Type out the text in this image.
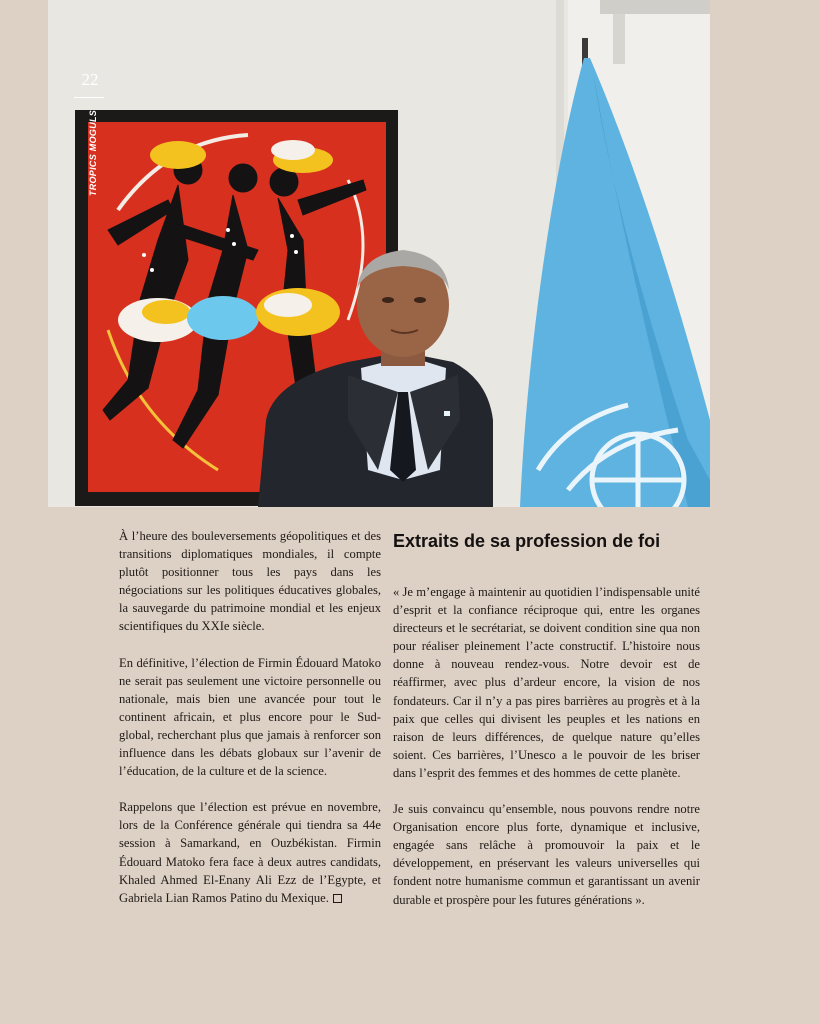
22
TROPICS MOGULS

À l’heure des bouleversements géopolitiques et des transitions diplomatiques mondiales, il compte plutôt positionner tous les pays dans les négociations sur les politiques éducatives globales, la sauvegarde du patrimoine mondial et les enjeux scientifiques du XXIe siècle.

En définitive, l’élection de Firmin Édouard Matoko ne serait pas seulement une victoire personnelle ou nationale, mais bien une avancée pour tout le continent africain, et plus encore pour le Sud-global, recherchant plus que jamais à renforcer son influence dans les débats globaux sur l’avenir de l’éducation, de la culture et de la science.

Rappelons que l’élection est prévue en novembre, lors de la Conférence générale qui tiendra sa 44e session à Samarkand, en Ouzbékistan. Firmin Édouard Matoko fera face à deux autres candidats, Khaled Ahmed El-Enany Ali Ezz de l’Egypte, et Gabriela Lian Ramos Patino du Mexique.

Extraits de sa profession de foi

« Je m’engage à maintenir au quotidien l’indispensable unité d’esprit et la confiance réciproque qui, entre les organes directeurs et le secrétariat, se doivent condition sine qua non pour réaliser pleinement l’acte constructif. L’histoire nous donne à nouveau rendez-vous. Notre devoir est de réaffirmer, avec plus d’ardeur encore, la vision de nos fondateurs. Car il n’y a pas pires barrières au progrès et à la paix que celles qui divisent les peuples et les nations en raison de leurs différences, de quelque nature qu’elles soient. Ces barrières, l’Unesco a le pouvoir de les briser dans l’esprit des femmes et des hommes de cette planète.

Je suis convaincu qu’ensemble, nous pouvons rendre notre Organisation encore plus forte, dynamique et inclusive, engagée sans relâche à promouvoir la paix et le développement, en préservant les valeurs universelles qui fondent notre humanisme commun et garantissant un avenir durable et prospère pour les futures générations ».
